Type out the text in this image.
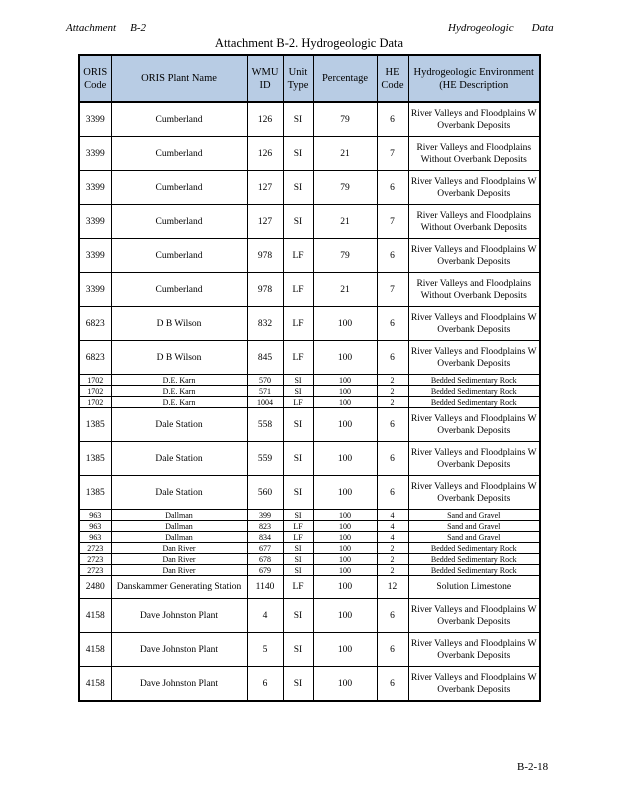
Attachment B-2	Hydrogeologic Data
Attachment B-2. Hydrogeologic Data
ORIS Code	ORIS Plant Name	WMU ID	Unit Type	Percentage	HE Code	Hydrogeologic Environment (HE Description
3399	Cumberland	126	SI	79	6	River Valleys and Floodplains W Overbank Deposits
3399	Cumberland	126	SI	21	7	River Valleys and Floodplains Without Overbank Deposits
3399	Cumberland	127	SI	79	6	River Valleys and Floodplains W Overbank Deposits
3399	Cumberland	127	SI	21	7	River Valleys and Floodplains Without Overbank Deposits
3399	Cumberland	978	LF	79	6	River Valleys and Floodplains W Overbank Deposits
3399	Cumberland	978	LF	21	7	River Valleys and Floodplains Without Overbank Deposits
6823	D B Wilson	832	LF	100	6	River Valleys and Floodplains W Overbank Deposits
6823	D B Wilson	845	LF	100	6	River Valleys and Floodplains W Overbank Deposits
1702	D.E. Karn	570	SI	100	2	Bedded Sedimentary Rock
1702	D.E. Karn	571	SI	100	2	Bedded Sedimentary Rock
1702	D.E. Karn	1004	LF	100	2	Bedded Sedimentary Rock
1385	Dale Station	558	SI	100	6	River Valleys and Floodplains W Overbank Deposits
1385	Dale Station	559	SI	100	6	River Valleys and Floodplains W Overbank Deposits
1385	Dale Station	560	SI	100	6	River Valleys and Floodplains W Overbank Deposits
963	Dallman	399	SI	100	4	Sand and Gravel
963	Dallman	823	LF	100	4	Sand and Gravel
963	Dallman	834	LF	100	4	Sand and Gravel
2723	Dan River	677	SI	100	2	Bedded Sedimentary Rock
2723	Dan River	678	SI	100	2	Bedded Sedimentary Rock
2723	Dan River	679	SI	100	2	Bedded Sedimentary Rock
2480	Danskammer Generating Station	1140	LF	100	12	Solution Limestone
4158	Dave Johnston Plant	4	SI	100	6	River Valleys and Floodplains W Overbank Deposits
4158	Dave Johnston Plant	5	SI	100	6	River Valleys and Floodplains W Overbank Deposits
4158	Dave Johnston Plant	6	SI	100	6	River Valleys and Floodplains W Overbank Deposits
B-2-18
